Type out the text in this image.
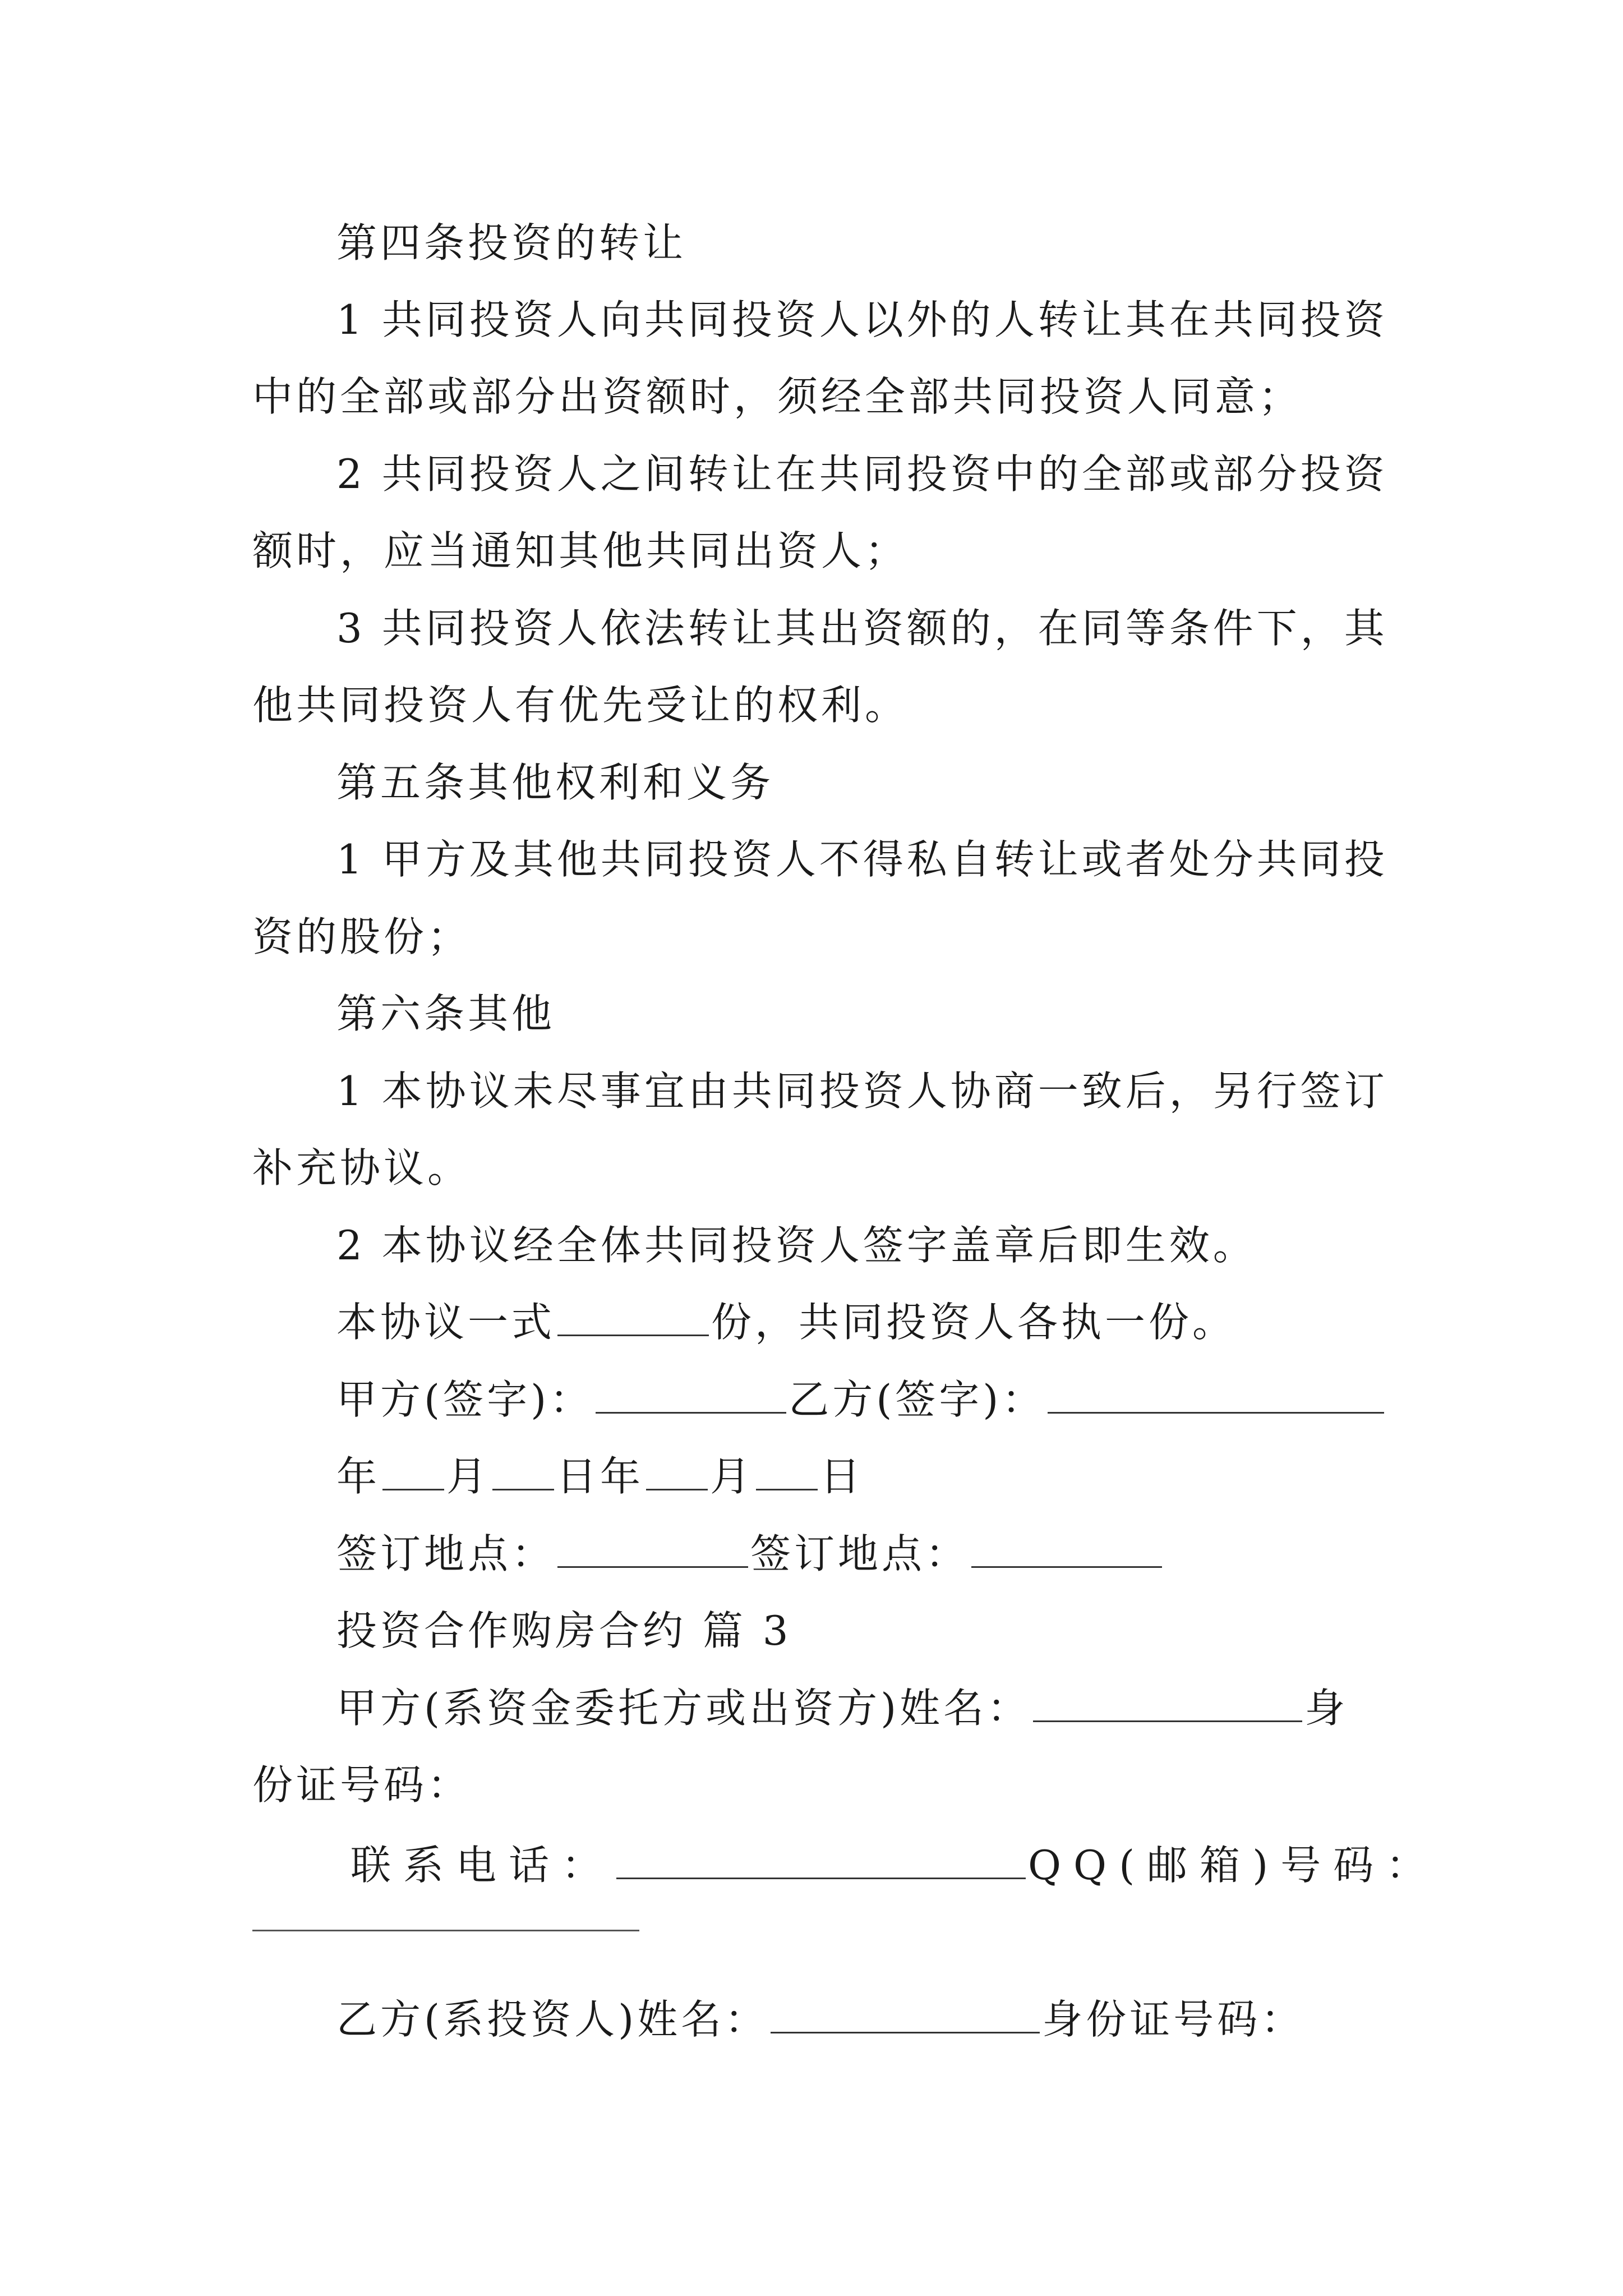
第四条投资的转让
1 共同投资人向共同投资人以外的人转让其在共同投资
中的全部或部分出资额时，须经全部共同投资人同意；
2 共同投资人之间转让在共同投资中的全部或部分投资
额时，应当通知其他共同出资人；
3 共同投资人依法转让其出资额的，在同等条件下，其
他共同投资人有优先受让的权利。
第五条其他权利和义务
1 甲方及其他共同投资人不得私自转让或者处分共同投
资的股份；
第六条其他
1 本协议未尽事宜由共同投资人协商一致后，另行签订
补充协议。
2 本协议经全体共同投资人签字盖章后即生效。
本协议一式	份，共同投资人各执一份。
甲方(签字)：	乙方(签字)：
年 月 日年 月 日
签订地点：	签订地点：
投资合作购房合约 篇 3
甲方(系资金委托方或出资方)姓名：	身
份证号码：
联系电话：	QQ(邮箱)号码：
乙方(系投资人)姓名：	身份证号码：
